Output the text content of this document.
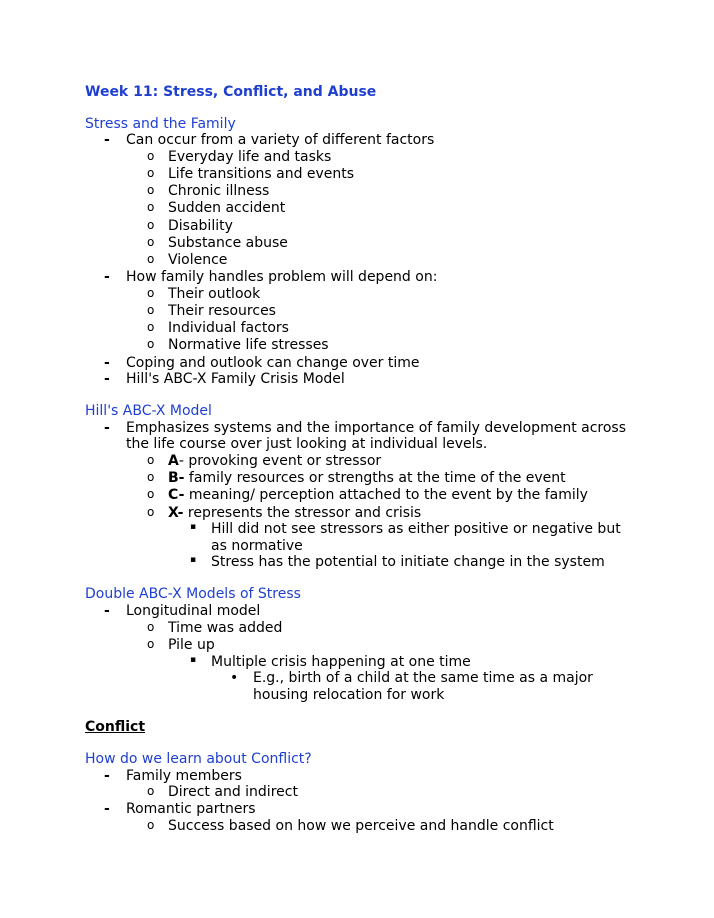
Week 11: Stress, Conﬂict, and Abuse
Stress and the Family
- Can occur from a variety of different factors
o Everyday life and tasks
o Life transitions and events
o Chronic illness
o Sudden accident
o Disability
o Substance abuse
o Violence
- How family handles problem will depend on:
o Their outlook
o Their resources
o Individual factors
o Normative life stresses
- Coping and outlook can change over time
- Hill's ABC-X Family Crisis Model
Hill's ABC-X Model
- Emphasizes systems and the importance of family development across
the life course over just looking at individual levels.
o A- provoking event or stressor
o B- family resources or strengths at the time of the event
o C- meaning/ perception attached to the event by the family
o X- represents the stressor and crisis
▪ Hill did not see stressors as either positive or negative but
as normative
▪ Stress has the potential to initiate change in the system
Double ABC-X Models of Stress
- Longitudinal model
o Time was added
o Pile up
▪ Multiple crisis happening at one time
• E.g., birth of a child at the same time as a major
housing relocation for work
Conﬂict
How do we learn about Conflict?
- Family members
o Direct and indirect
- Romantic partners
o Success based on how we perceive and handle conflict
